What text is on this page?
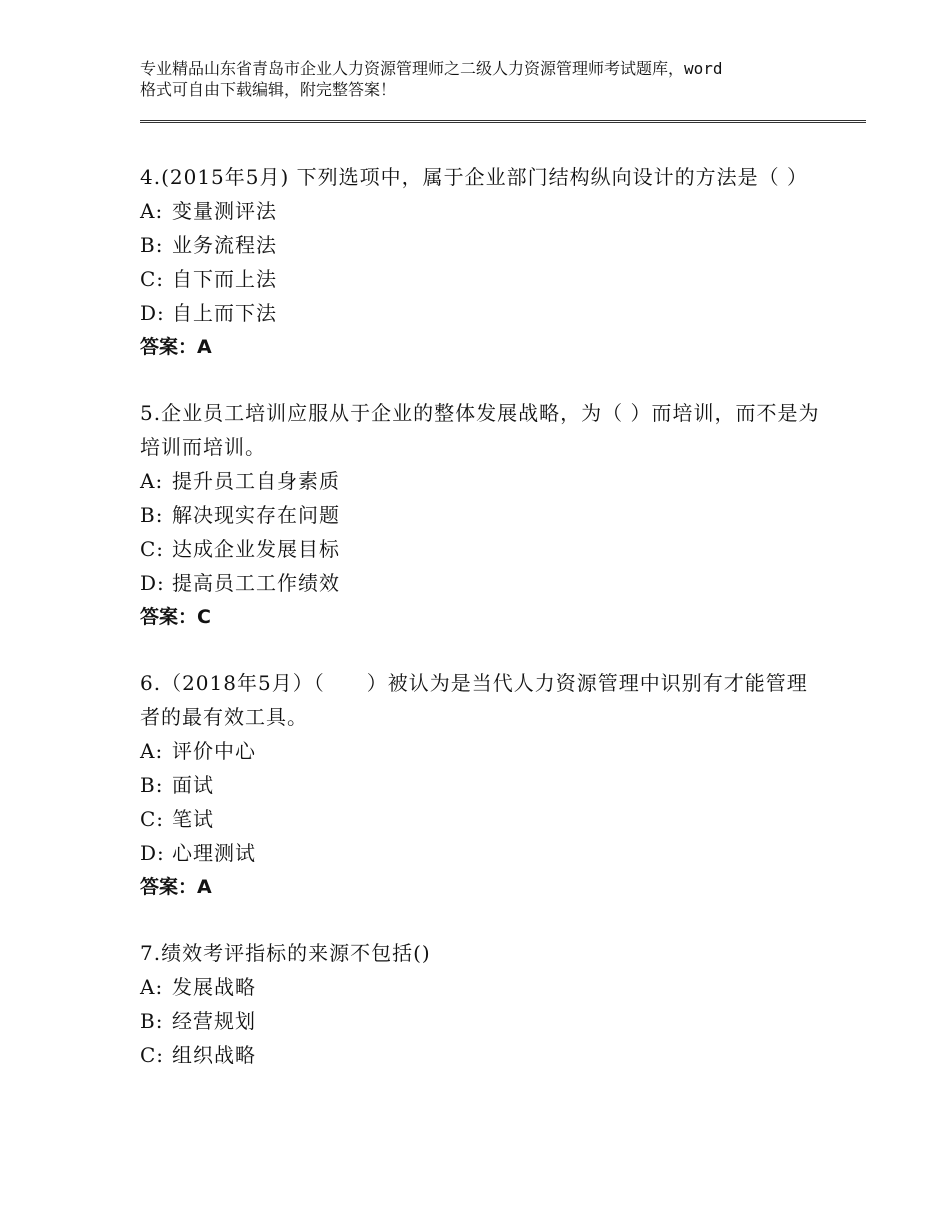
专业精品山东省青岛市企业人力资源管理师之二级人力资源管理师考试题库，word
格式可自由下载编辑，附完整答案！

4.(2015年5月) 下列选项中，属于企业部门结构纵向设计的方法是（ ）

A: 变量测评法

B: 业务流程法

C: 自下而上法

D: 自上而下法

答案：A

5.企业员工培训应服从于企业的整体发展战略，为（ ）而培训，而不是为培训而培训。

A: 提升员工自身素质

B: 解决现实存在问题

C: 达成企业发展目标

D: 提高员工工作绩效

答案：C

6.（2018年5月）（　　）被认为是当代人力资源管理中识别有才能管理者的最有效工具。

A: 评价中心

B: 面试

C: 笔试

D: 心理测试

答案：A

7.绩效考评指标的来源不包括()

A: 发展战略

B: 经营规划

C: 组织战略
